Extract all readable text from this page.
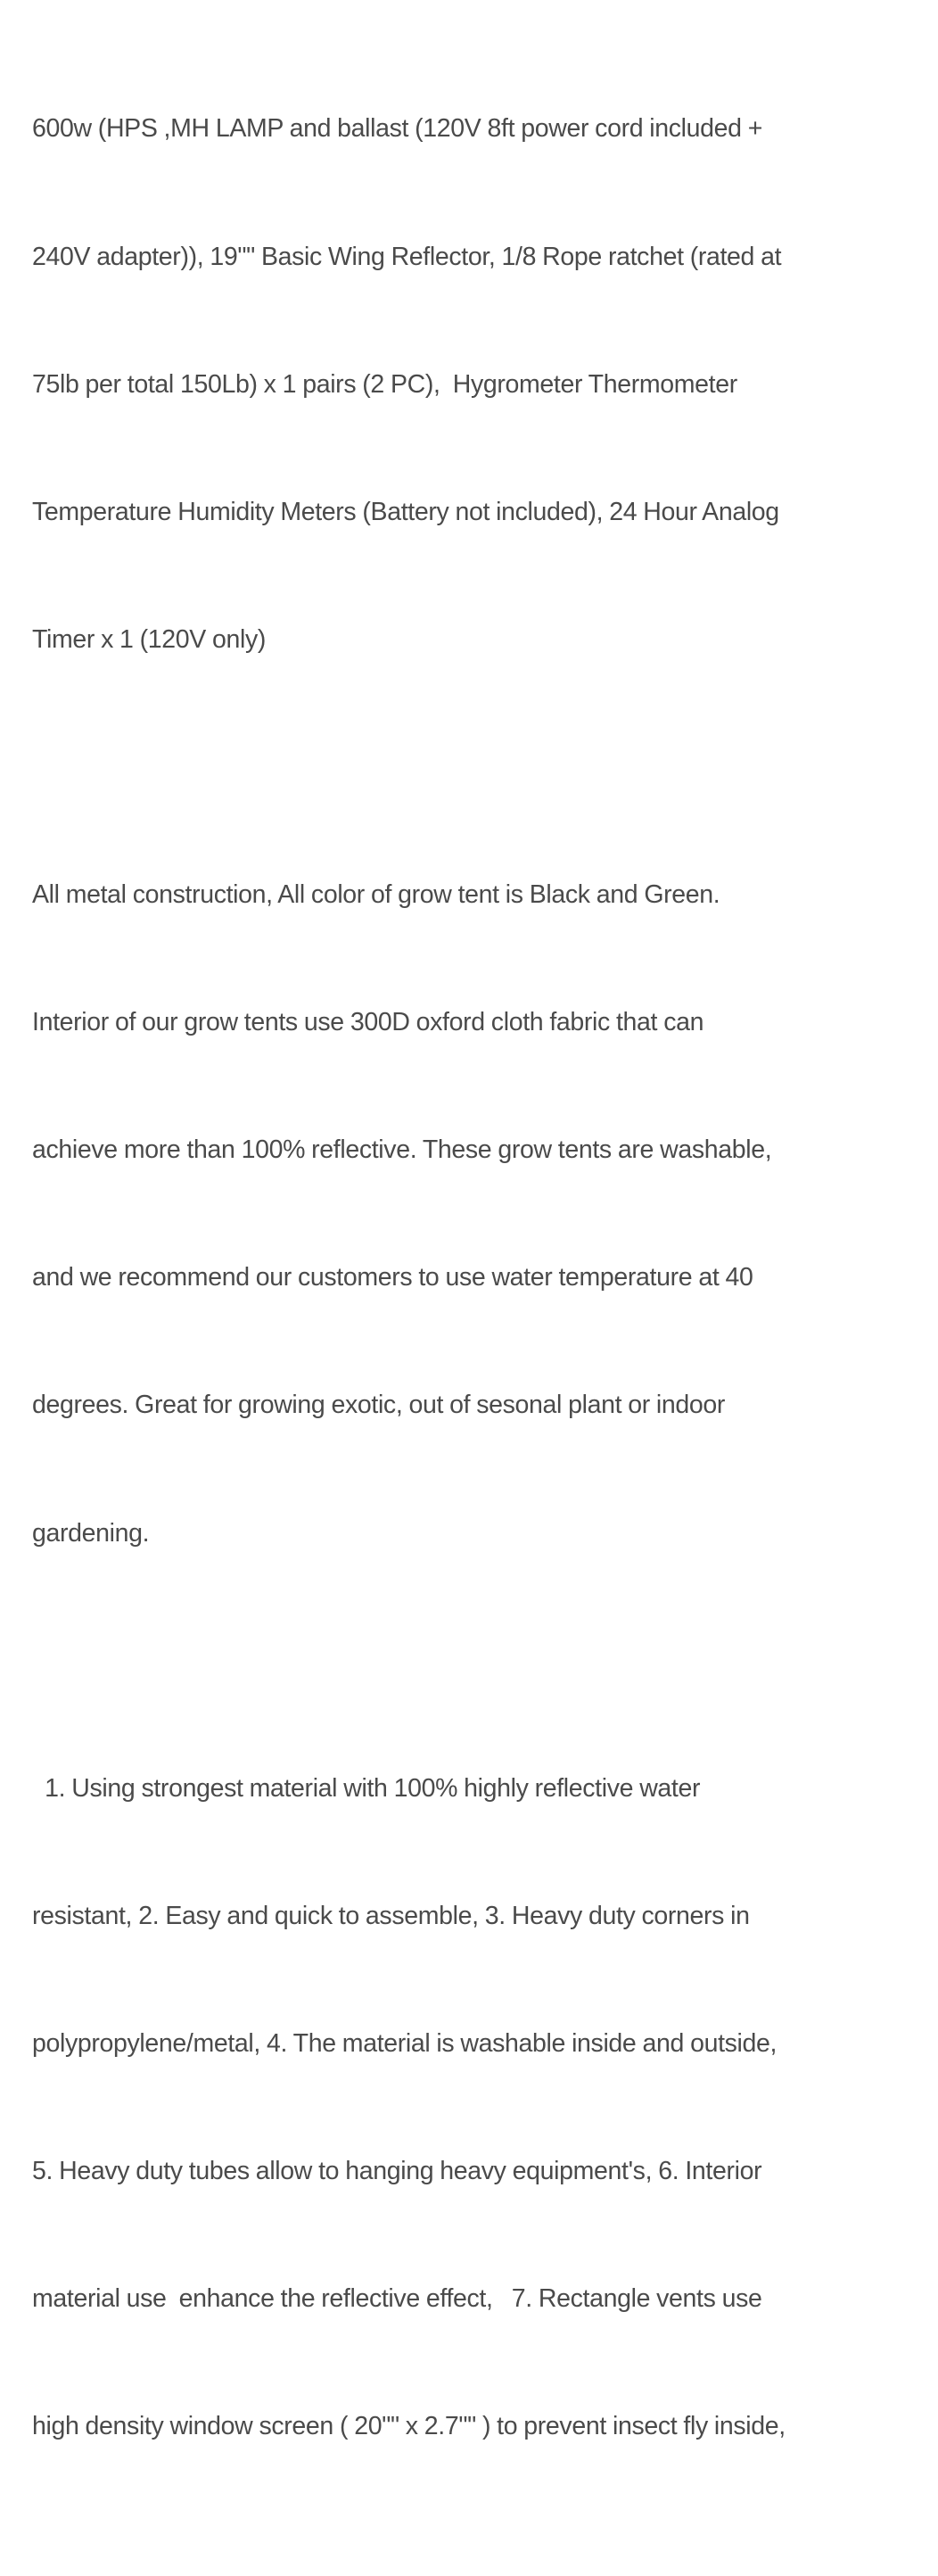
600w (HPS ,MH LAMP and ballast (120V 8ft power cord included +

240V adapter)), 19"" Basic Wing Reflector, 1/8 Rope ratchet (rated at

75lb per total 150Lb) x 1 pairs (2 PC),  Hygrometer Thermometer

Temperature Humidity Meters (Battery not included), 24 Hour Analog

Timer x 1 (120V only)

All metal construction, All color of grow tent is Black and Green.

Interior of our grow tents use 300D oxford cloth fabric that can

achieve more than 100% reflective. These grow tents are washable,

and we recommend our customers to use water temperature at 40

degrees. Great for growing exotic, out of sesonal plant or indoor

gardening.

1. Using strongest material with 100% highly reflective water

resistant, 2. Easy and quick to assemble, 3. Heavy duty corners in

polypropylene/metal, 4. The material is washable inside and outside,

5. Heavy duty tubes allow to hanging heavy equipment's, 6. Interior

material use  enhance the reflective effect,   7. Rectangle vents use

high density window screen ( 20"" x 2.7"" ) to prevent insect fly inside,
